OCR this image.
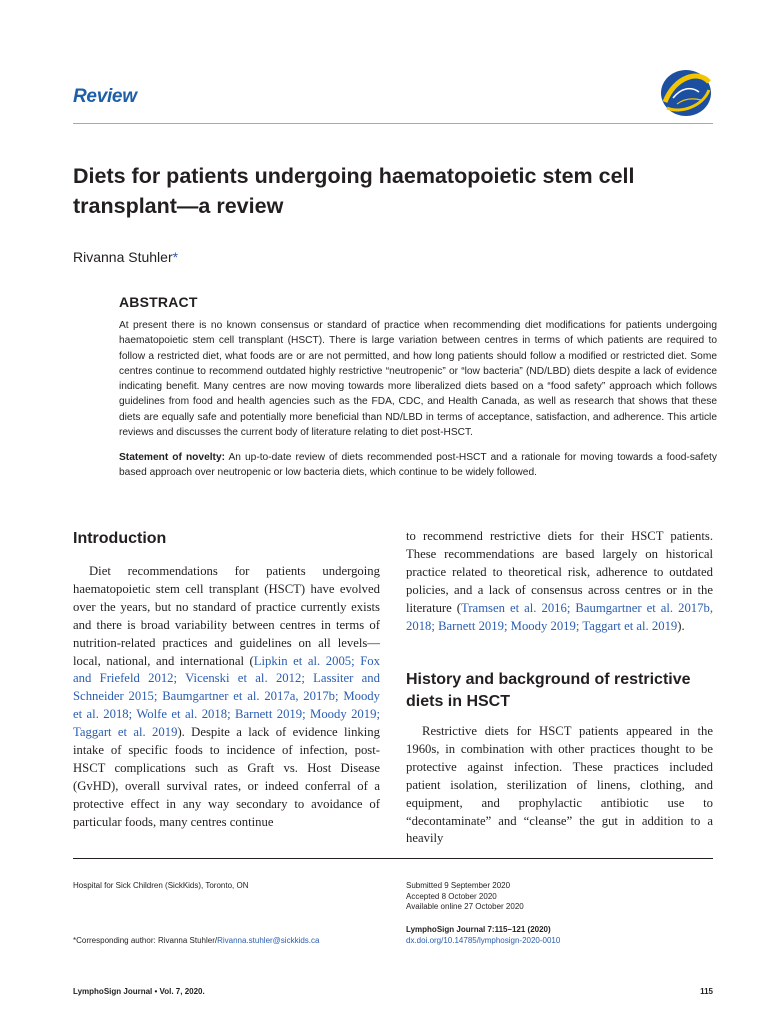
Review
Diets for patients undergoing haematopoietic stem cell transplant—a review
Rivanna Stuhler*
ABSTRACT

At present there is no known consensus or standard of practice when recommending diet modifications for patients undergoing haematopoietic stem cell transplant (HSCT). There is large variation between centres in terms of which patients are required to follow a restricted diet, what foods are or are not permitted, and how long patients should follow a modified or restricted diet. Some centres continue to recommend outdated highly restrictive “neutropenic” or “low bacteria” (ND/LBD) diets despite a lack of evidence indicating benefit. Many centres are now moving towards more liberalized diets based on a “food safety” approach which follows guidelines from food and health agencies such as the FDA, CDC, and Health Canada, as well as research that shows that these diets are equally safe and potentially more beneficial than ND/LBD in terms of acceptance, satisfaction, and adherence. This article reviews and discusses the current body of literature relating to diet post-HSCT.

Statement of novelty: An up-to-date review of diets recommended post-HSCT and a rationale for moving towards a food-safety based approach over neutropenic or low bacteria diets, which continue to be widely followed.

Introduction

Diet recommendations for patients undergoing haematopoietic stem cell transplant (HSCT) have evolved over the years, but no standard of practice currently exists and there is broad variability between centres in terms of nutrition-related practices and guidelines on all levels—local, national, and international (Lipkin et al. 2005; Fox and Friefeld 2012; Vicenski et al. 2012; Lassiter and Schneider 2015; Baumgartner et al. 2017a, 2017b; Moody et al. 2018; Wolfe et al. 2018; Barnett 2019; Moody 2019; Taggart et al. 2019). Despite a lack of evidence linking intake of specific foods to incidence of infection, post-HSCT complications such as Graft vs. Host Disease (GvHD), overall survival rates, or indeed conferral of a protective effect in any way secondary to avoidance of particular foods, many centres continue

to recommend restrictive diets for their HSCT patients. These recommendations are based largely on historical practice related to theoretical risk, adherence to outdated policies, and a lack of consensus across centres or in the literature (Tramsen et al. 2016; Baumgartner et al. 2017b, 2018; Barnett 2019; Moody 2019; Taggart et al. 2019).

History and background of restrictive diets in HSCT

Restrictive diets for HSCT patients appeared in the 1960s, in combination with other practices thought to be protective against infection. These practices included patient isolation, sterilization of linens, clothing, and equipment, and prophylactic antibiotic use to “decontaminate” and “cleanse” the gut in addition to a heavily

Hospital for Sick Children (SickKids), Toronto, ON
*Corresponding author: Rivanna Stuhler/Rivanna.stuhler@sickkids.ca
Submitted 9 September 2020
Accepted 8 October 2020
Available online 27 October 2020
LymphoSign Journal 7:115–121 (2020)
dx.doi.org/10.14785/lymphosign-2020-0010
LymphoSign Journal • Vol. 7, 2020.	115
